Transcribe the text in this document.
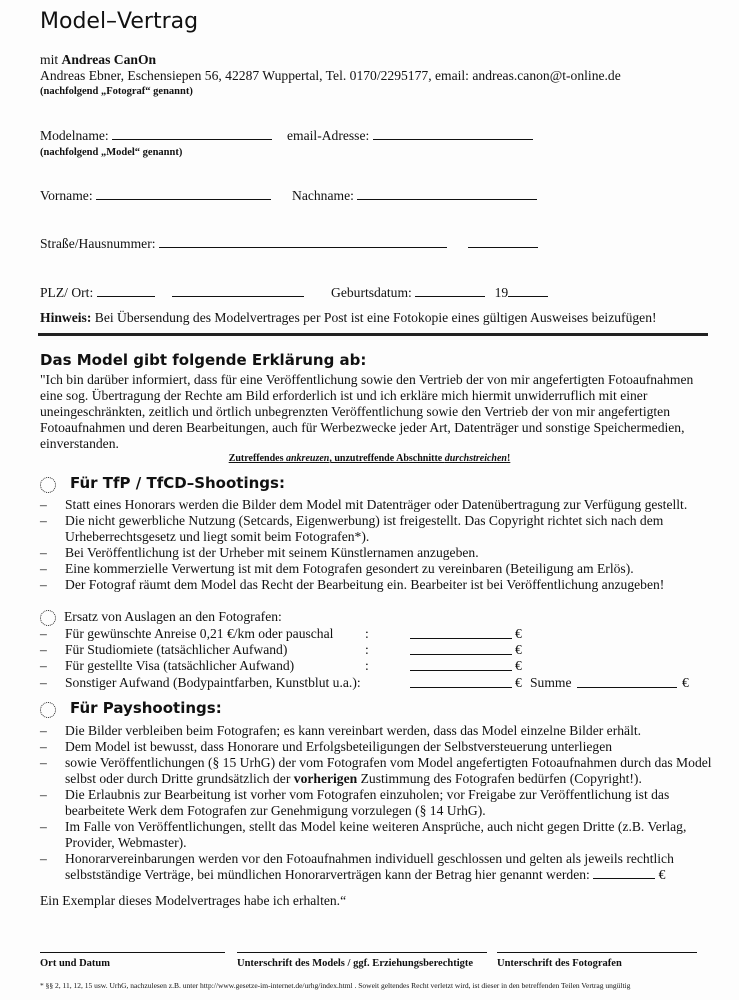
Model–Vertrag
mit Andreas CanOn
Andreas Ebner, Eschensiepen 56, 42287 Wuppertal, Tel. 0170/2295177, email: andreas.canon@t-online.de
(nachfolgend „Fotograf“ genannt)
Modelname:	email-Adresse:
(nachfolgend „Model“ genannt)
Vorname:	Nachname:
Straße/Hausnummer:
PLZ/ Ort:	Geburtsdatum:	19
Hinweis: Bei Übersendung des Modelvertrages per Post ist eine Fotokopie eines gültigen Ausweises beizufügen!
Das Model gibt folgende Erklärung ab:
"Ich bin darüber informiert, dass für eine Veröffentlichung sowie den Vertrieb der von mir angefertigten Fotoaufnahmen eine sog. Übertragung der Rechte am Bild erforderlich ist und ich erkläre mich hiermit unwiderruflich mit einer uneingeschränkten, zeitlich und örtlich unbegrenzten Veröffentlichung sowie den Vertrieb der von mir angefertigten Fotoaufnahmen und deren Bearbeitungen, auch für Werbezwecke jeder Art, Datenträger und sonstige Speichermedien, einverstanden.
Zutreffendes ankreuzen, unzutreffende Abschnitte durchstreichen!
Für TfP / TfCD–Shootings:
– Statt eines Honorars werden die Bilder dem Model mit Datenträger oder Datenübertragung zur Verfügung gestellt.
– Die nicht gewerbliche Nutzung (Setcards, Eigenwerbung) ist freigestellt. Das Copyright richtet sich nach dem Urheberrechtsgesetz und liegt somit beim Fotografen*).
– Bei Veröffentlichung ist der Urheber mit seinem Künstlernamen anzugeben.
– Eine kommerzielle Verwertung ist mit dem Fotografen gesondert zu vereinbaren (Beteiligung am Erlös).
– Der Fotograf räumt dem Model das Recht der Bearbeitung ein. Bearbeiter ist bei Veröffentlichung anzugeben!
Ersatz von Auslagen an den Fotografen:
– Für gewünschte Anreise 0,21 €/km oder pauschal :	€
– Für Studiomiete (tatsächlicher Aufwand)	:	€
– Für gestellte Visa (tatsächlicher Aufwand)	:	€
– Sonstiger Aufwand (Bodypaintfarben, Kunstblut u.a.):	€ Summe	€
Für Payshootings:
– Die Bilder verbleiben beim Fotografen; es kann vereinbart werden, dass das Model einzelne Bilder erhält.
– Dem Model ist bewusst, dass Honorare und Erfolgsbeteiligungen der Selbstversteuerung unterliegen
– sowie Veröffentlichungen (§ 15 UrhG) der vom Fotografen vom Model angefertigten Fotoaufnahmen durch das Model selbst oder durch Dritte grundsätzlich der vorherigen Zustimmung des Fotografen bedürfen (Copyright!).
– Die Erlaubnis zur Bearbeitung ist vorher vom Fotografen einzuholen; vor Freigabe zur Veröffentlichung ist das bearbeitete Werk dem Fotografen zur Genehmigung vorzulegen (§ 14 UrhG).
– Im Falle von Veröffentlichungen, stellt das Model keine weiteren Ansprüche, auch nicht gegen Dritte (z.B. Verlag, Provider, Webmaster).
– Honorarvereinbarungen werden vor den Fotoaufnahmen individuell geschlossen und gelten als jeweils rechtlich selbstständige Verträge, bei mündlichen Honorarverträgen kann der Betrag hier genannt werden:	€
Ein Exemplar dieses Modelvertrages habe ich erhalten.“
Ort und Datum	Unterschrift des Models / ggf. Erziehungsberechtigte Unterschrift des Fotografen
* §§ 2, 11, 12, 15 usw. UrhG, nachzulesen z.B. unter http://www.gesetze-im-internet.de/urhg/index.html . Soweit geltendes Recht verletzt wird, ist dieser in den betreffenden Teilen Vertrag ungültig
